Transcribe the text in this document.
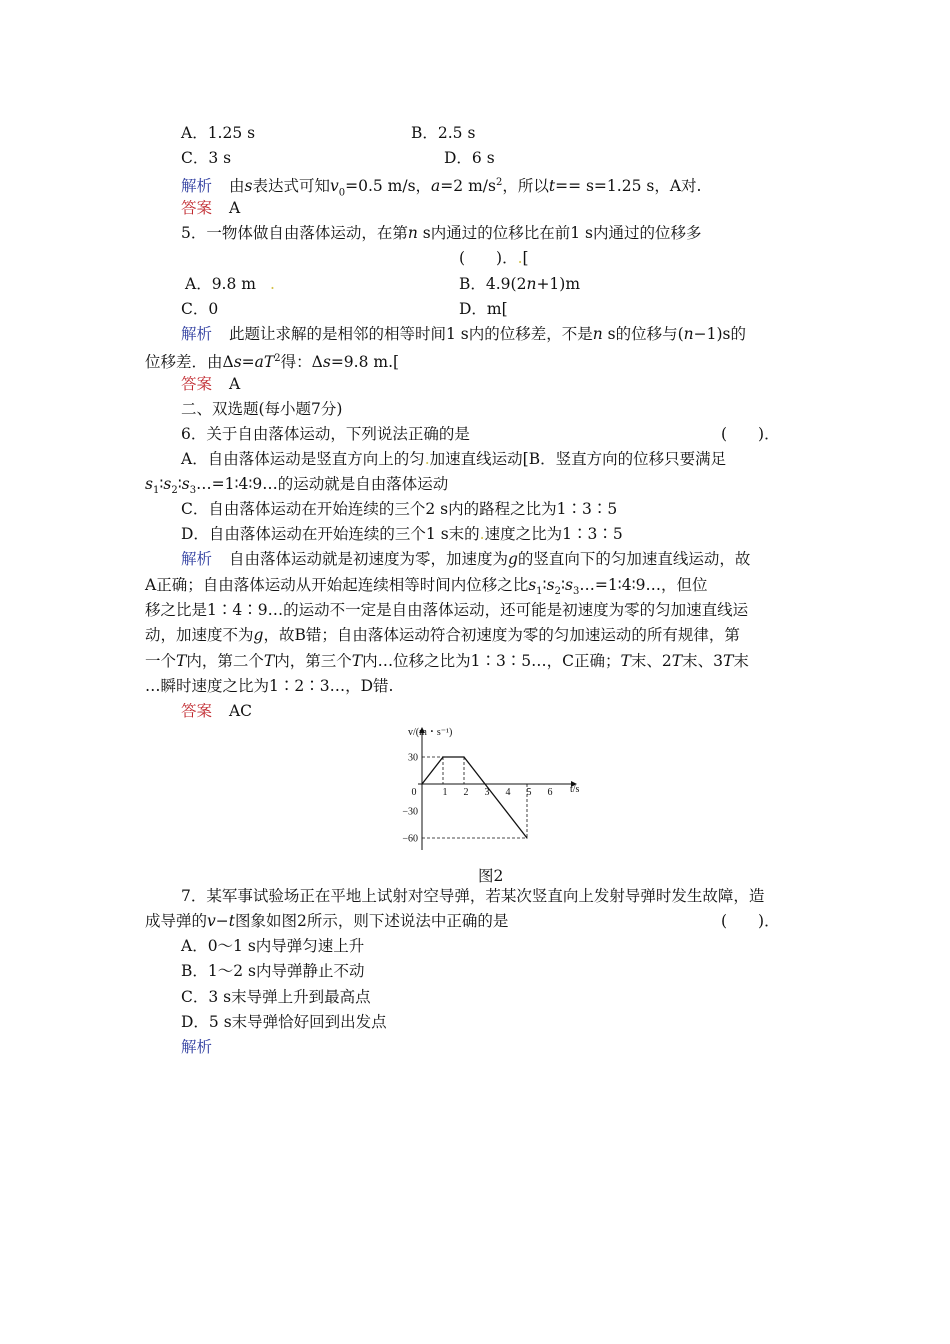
A．1.25 s	B．2.5 s
C．3 s	D．6 s
解析 由s表达式可知$v_0=0.5$ m/s，a=2 $m/s^2$，所以t== s=1.25 s，A对.
答案 A
5．一物体做自由落体运动，在第n s内通过的位移比在前1 s内通过的位移多
(　　)．.[
A．9.8 m .	B．4.9(2n+1)m
C．0	D．m[
解析 此题让求解的是相邻的相等时间1 s内的位移差，不是n s的位移与(n−1)s的
位移差．由$\Delta s=aT^2$得：Δs=9.8 m.[
答案 A
二、双选题(每小题7分)
6．关于自由落体运动，下列说法正确的是	(　　)．
A．自由落体运动是竖直方向上的匀.加速直线运动[B．竖直方向的位移只要满足
$s_1∶s_2∶s_3\dots=1∶4∶9\dots$的运动就是自由落体运动
C．自由落体运动在开始连续的三个2 s内的路程之比为1∶3∶5
D．自由落体运动在开始连续的三个1 s末的.速度之比为1∶3∶5
解析 自由落体运动就是初速度为零，加速度为g的竖直向下的匀加速直线运动，故
A正确；自由落体运动从开始起连续相等时间内位移之比$s_1∶s_2∶s_3\dots=1∶4∶9\dots$，但位
移之比是1∶4∶9…的运动不一定是自由落体运动，还可能是初速度为零的匀加速直线运
动，加速度不为g，故B错；自由落体运动符合初速度为零的匀加速运动的所有规律，第
一个T内，第二个T内，第三个T内…位移之比为1∶3∶5…，C正确；T末、2T末、3T末
…瞬时速度之比为1∶2∶3…，D错.
答案 AC
30
0
−30
−60
1 2 3 4 5 6
v/(m・s⁻¹)
t/s
图2
7．某军事试验场正在平地上试射对空导弹，若某次竖直向上发射导弹时发生故障，造
成导弹的v−t图象如图2所示，则下述说法中正确的是	(　　)．
A．0～1 s内导弹匀速上升
B．1～2 s内导弹静止不动
C．3 s末导弹上升到最高点
D．5 s末导弹恰好回到出发点
解析
